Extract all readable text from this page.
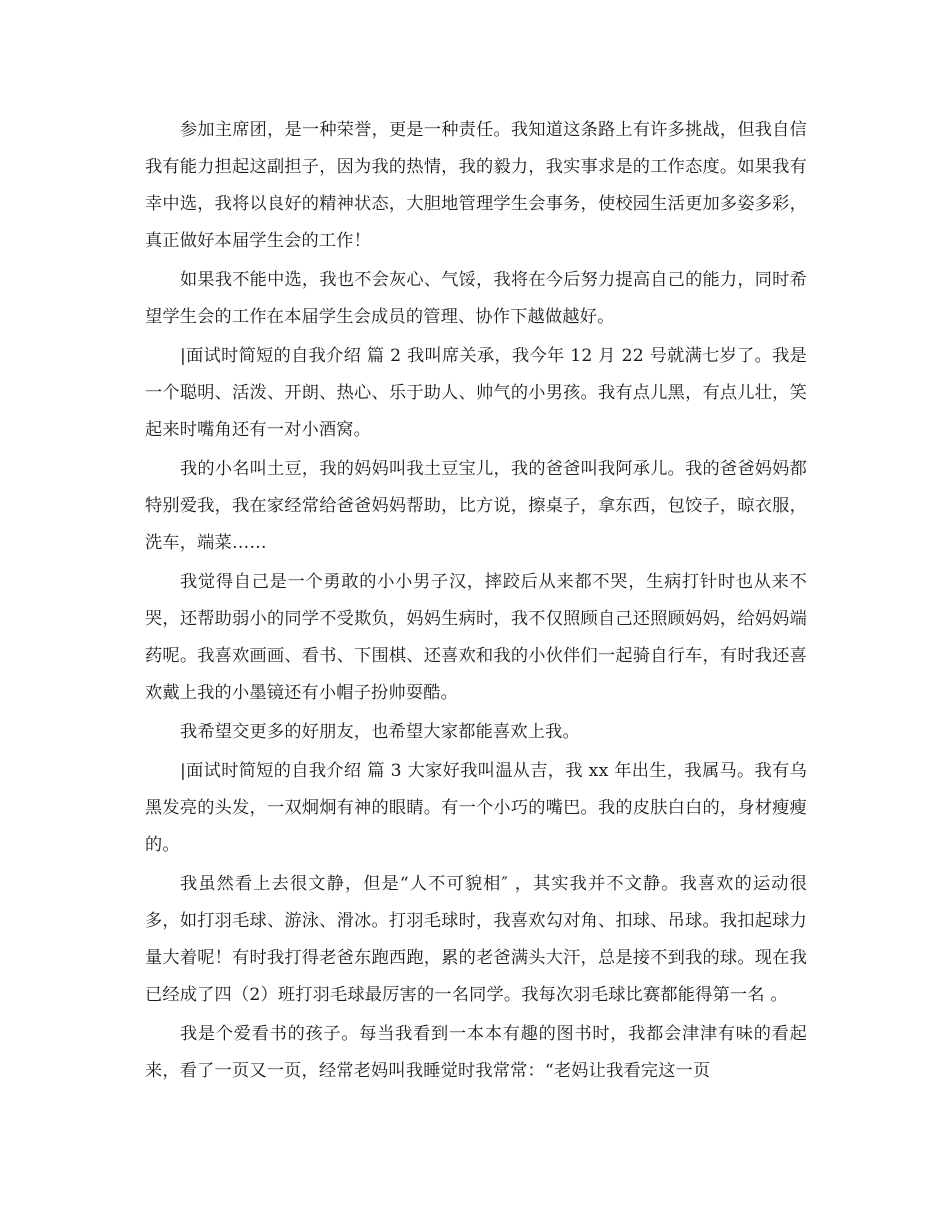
参加主席团，是一种荣誉，更是一种责任。我知道这条路上有许多挑战，但我自信我有能力担起这副担子，因为我的热情，我的毅力，我实事求是的工作态度。如果我有幸中选，我将以良好的精神状态，大胆地管理学生会事务，使校园生活更加多姿多彩，真正做好本届学生会的工作！

如果我不能中选，我也不会灰心、气馁，我将在今后努力提高自己的能力，同时希望学生会的工作在本届学生会成员的管理、协作下越做越好。

|面试时简短的自我介绍 篇 2 我叫席关承，我今年 12 月 22 号就满七岁了。我是一个聪明、活泼、开朗、热心、乐于助人、帅气的小男孩。我有点儿黑，有点儿壮，笑起来时嘴角还有一对小酒窝。

我的小名叫土豆，我的妈妈叫我土豆宝儿，我的爸爸叫我阿承儿。我的爸爸妈妈都特别爱我，我在家经常给爸爸妈妈帮助，比方说，擦桌子，拿东西，包饺子，晾衣服，洗车，端菜……

我觉得自己是一个勇敢的小小男子汉，摔跤后从来都不哭，生病打针时也从来不哭，还帮助弱小的同学不受欺负，妈妈生病时，我不仅照顾自己还照顾妈妈，给妈妈端药呢。我喜欢画画、看书、下围棋、还喜欢和我的小伙伴们一起骑自行车，有时我还喜欢戴上我的小墨镜还有小帽子扮帅耍酷。

我希望交更多的好朋友，也希望大家都能喜欢上我。

|面试时简短的自我介绍 篇 3 大家好我叫温从吉，我 xx 年出生，我属马。我有乌黑发亮的头发，一双炯炯有神的眼睛。有一个小巧的嘴巴。我的皮肤白白的，身材瘦瘦的。

我虽然看上去很文静，但是“人不可貌相″ ，其实我并不文静。我喜欢的运动很多，如打羽毛球、游泳、滑冰。打羽毛球时，我喜欢勾对角、扣球、吊球。我扣起球力量大着呢！有时我打得老爸东跑西跑，累的老爸满头大汗，总是接不到我的球。现在我已经成了四（2）班打羽毛球最厉害的一名同学。我每次羽毛球比赛都能得第一名 。

我是个爱看书的孩子。每当我看到一本本有趣的图书时，我都会津津有味的看起来，看了一页又一页，经常老妈叫我睡觉时我常常：“老妈让我看完这一页
